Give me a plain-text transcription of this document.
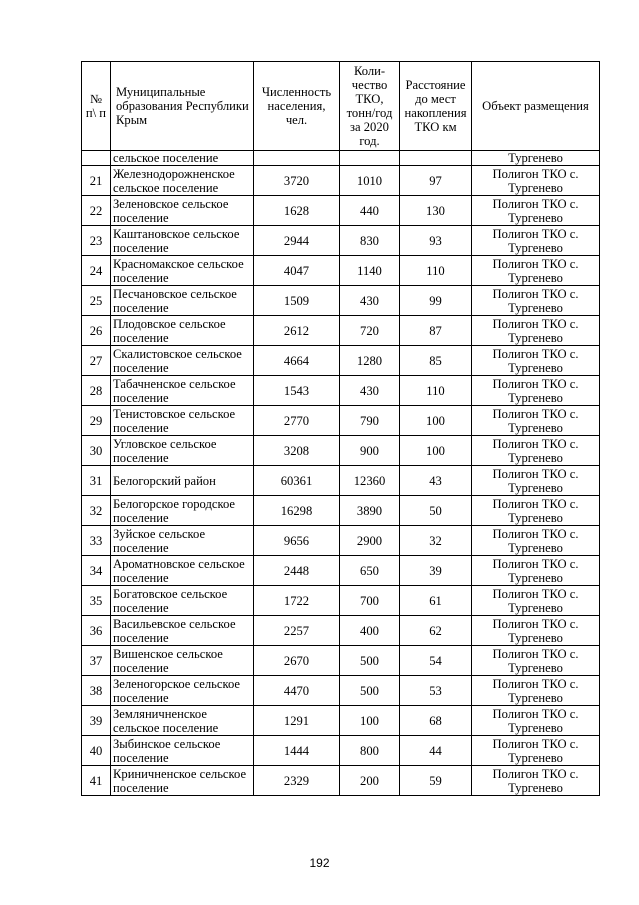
№ п\ п	Муниципальные образования Республики Крым	Численность населения, чел.	Коли- чество ТКО, тонн/год за 2020 год.	Расстояние до мест накопления ТКО км	Объект размещения
	сельское поселение				Тургенево
21	Железнодорожненское сельское поселение	3720	1010	97	Полигон ТКО с. Тургенево
22	Зеленовское сельское поселение	1628	440	130	Полигон ТКО с. Тургенево
23	Каштановское сельское поселение	2944	830	93	Полигон ТКО с. Тургенево
24	Красномакское сельское поселение	4047	1140	110	Полигон ТКО с. Тургенево
25	Песчановское сельское поселение	1509	430	99	Полигон ТКО с. Тургенево
26	Плодовское сельское поселение	2612	720	87	Полигон ТКО с. Тургенево
27	Скалистовское сельское поселение	4664	1280	85	Полигон ТКО с. Тургенево
28	Табачненское сельское поселение	1543	430	110	Полигон ТКО с. Тургенево
29	Тенистовское сельское поселение	2770	790	100	Полигон ТКО с. Тургенево
30	Угловское сельское поселение	3208	900	100	Полигон ТКО с. Тургенево
31	Белогорский район	60361	12360	43	Полигон ТКО с. Тургенево
32	Белогорское городское поселение	16298	3890	50	Полигон ТКО с. Тургенево
33	Зуйское сельское поселение	9656	2900	32	Полигон ТКО с. Тургенево
34	Ароматновское сельское поселение	2448	650	39	Полигон ТКО с. Тургенево
35	Богатовское сельское поселение	1722	700	61	Полигон ТКО с. Тургенево
36	Васильевское сельское поселение	2257	400	62	Полигон ТКО с. Тургенево
37	Вишенское сельское поселение	2670	500	54	Полигон ТКО с. Тургенево
38	Зеленогорское сельское поселение	4470	500	53	Полигон ТКО с. Тургенево
39	Земляничненское сельское поселение	1291	100	68	Полигон ТКО с. Тургенево
40	Зыбинское сельское поселение	1444	800	44	Полигон ТКО с. Тургенево
41	Криничненское сельское поселение	2329	200	59	Полигон ТКО с. Тургенево
192
